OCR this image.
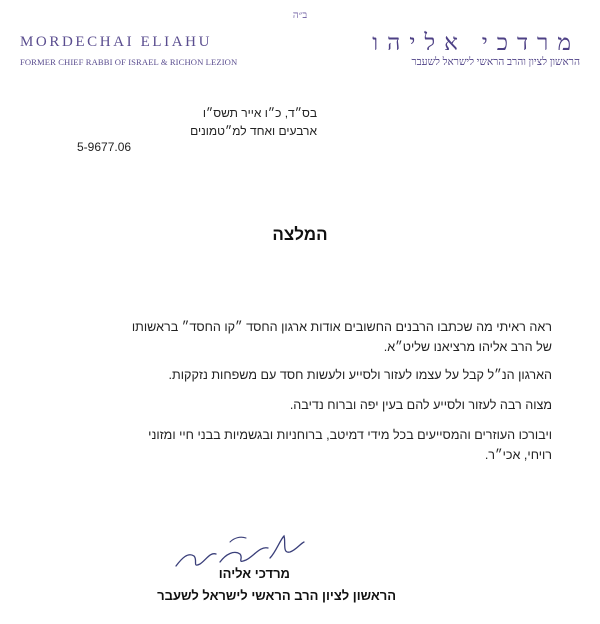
ב״ה
MORDECHAI ELIAHU
FORMER CHIEF RABBI OF ISRAEL & RICHON LEZION
מרדכי אליהו
הראשון לציון והרב הראשי לישראל לשעבר
בס״ד, כ״ו אייר תשס״ו
ארבעים ואחד למ״טמונים
5-9677.06
המלצה
ראה ראיתי מה שכתבו הרבנים החשובים אודות ארגון החסד ״קו החסד״ בראשותו
של הרב אליהו מרציאנו שליט״א.
הארגון הנ״ל קבל על עצמו לעזור ולסייע ולעשות חסד עם משפחות נזקקות.
מצוה רבה לעזור ולסייע להם בעין יפה וברוח נדיבה.
ויבורכו העוזרים והמסייעים בכל מידי דמיטב, ברוחניות ובגשמיות בבני חיי ומזוני
רויחי, אכי״ר.
מרדכי אליהו
הראשון לציון הרב הראשי לישראל לשעבר
